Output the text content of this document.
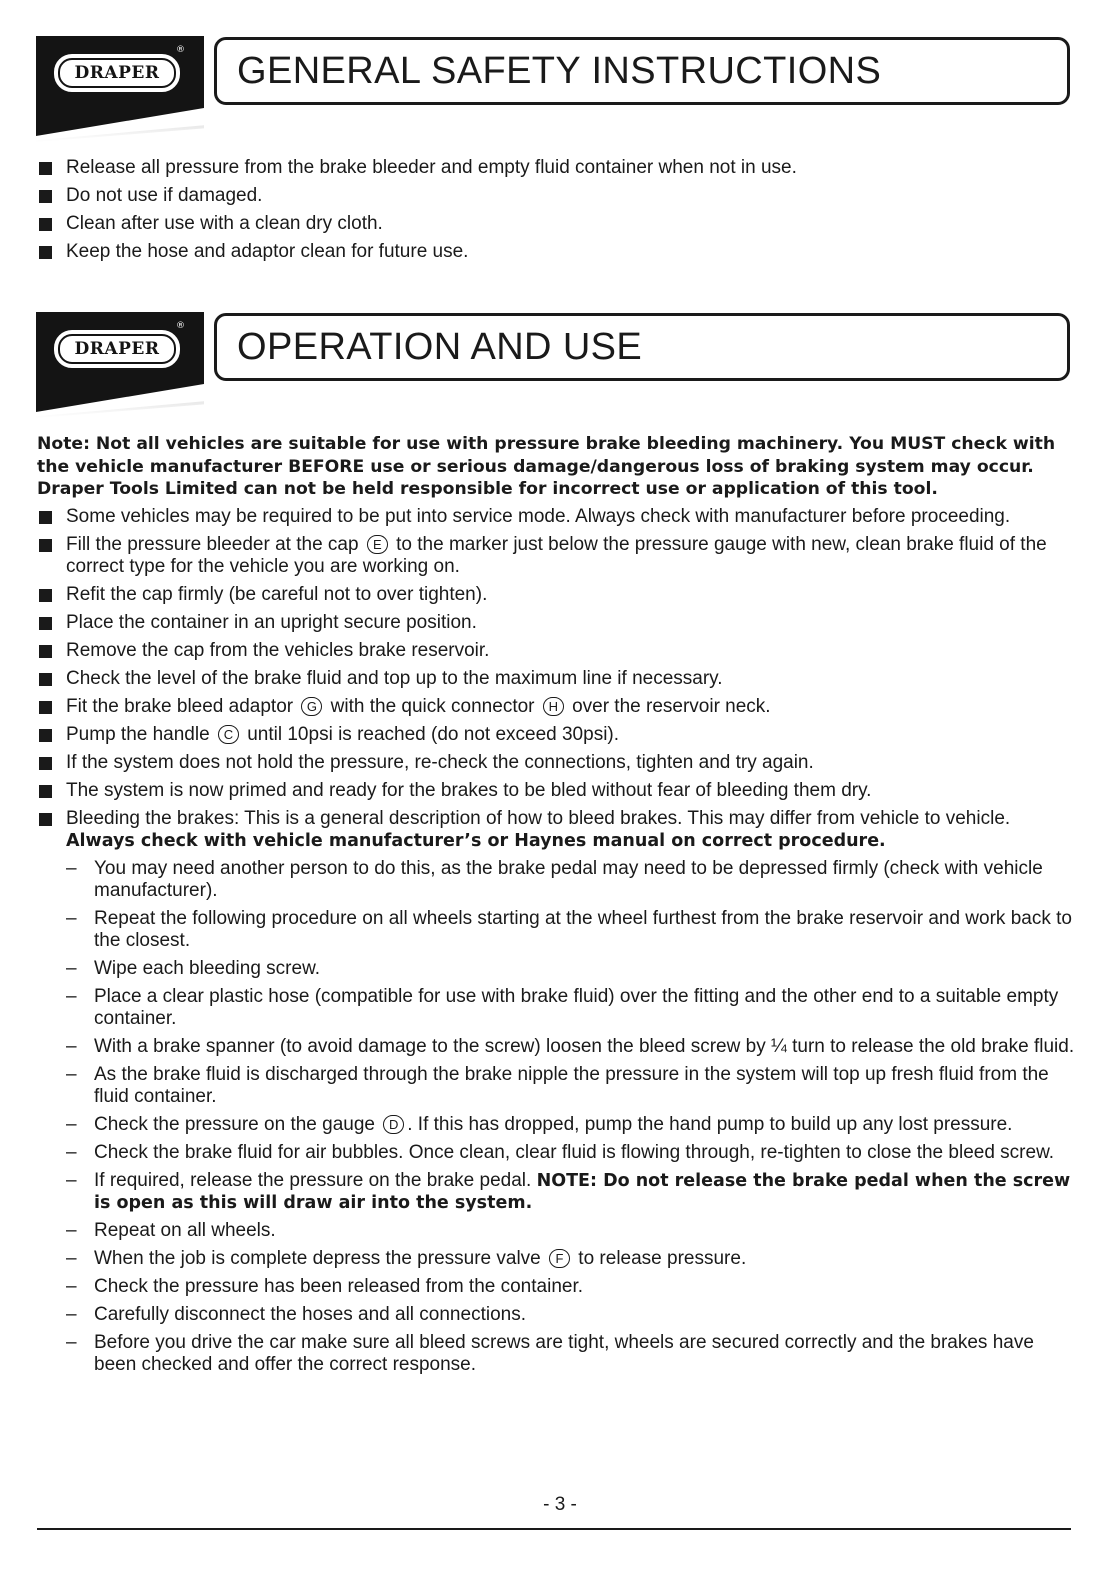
DRAPER
®	GENERAL SAFETY INSTRUCTIONS
Release all pressure from the brake bleeder and empty fluid container when not in use.
Do not use if damaged.
Clean after use with a clean dry cloth.
Keep the hose and adaptor clean for future use.
DRAPER
®	OPERATION AND USE
Note: Not all vehicles are suitable for use with pressure brake bleeding machinery. You MUST check with the vehicle manufacturer BEFORE use or serious damage/dangerous loss of braking system may occur. Draper Tools Limited can not be held responsible for incorrect use or application of this tool.
Some vehicles may be required to be put into service mode. Always check with manufacturer before proceeding.
Fill the pressure bleeder at the cap E to the marker just below the pressure gauge with new, clean brake fluid of the correct type for the vehicle you are working on.
Refit the cap firmly (be careful not to over tighten).
Place the container in an upright secure position.
Remove the cap from the vehicles brake reservoir.
Check the level of the brake fluid and top up to the maximum line if necessary.
Fit the brake bleed adaptor G with the quick connector H over the reservoir neck.
Pump the handle C until 10psi is reached (do not exceed 30psi).
If the system does not hold the pressure, re-check the connections, tighten and try again.
The system is now primed and ready for the brakes to be bled without fear of bleeding them dry.
Bleeding the brakes: This is a general description of how to bleed brakes. This may differ from vehicle to vehicle. Always check with vehicle manufacturer’s or Haynes manual on correct procedure.
– You may need another person to do this, as the brake pedal may need to be depressed firmly (check with vehicle manufacturer).
– Repeat the following procedure on all wheels starting at the wheel furthest from the brake reservoir and work back to the closest.
– Wipe each bleeding screw.
– Place a clear plastic hose (compatible for use with brake fluid) over the fitting and the other end to a suitable empty container.
– With a brake spanner (to avoid damage to the screw) loosen the bleed screw by ¼ turn to release the old brake fluid.
– As the brake fluid is discharged through the brake nipple the pressure in the system will top up fresh fluid from the fluid container.
– Check the pressure on the gauge D . If this has dropped, pump the hand pump to build up any lost pressure.
– Check the brake fluid for air bubbles. Once clean, clear fluid is flowing through, re-tighten to close the bleed screw.
– If required, release the pressure on the brake pedal. NOTE: Do not release the brake pedal when the screw is open as this will draw air into the system.
– Repeat on all wheels.
– When the job is complete depress the pressure valve F to release pressure.
– Check the pressure has been released from the container.
– Carefully disconnect the hoses and all connections.
– Before you drive the car make sure all bleed screws are tight, wheels are secured correctly and the brakes have been checked and offer the correct response.
- 3 -
